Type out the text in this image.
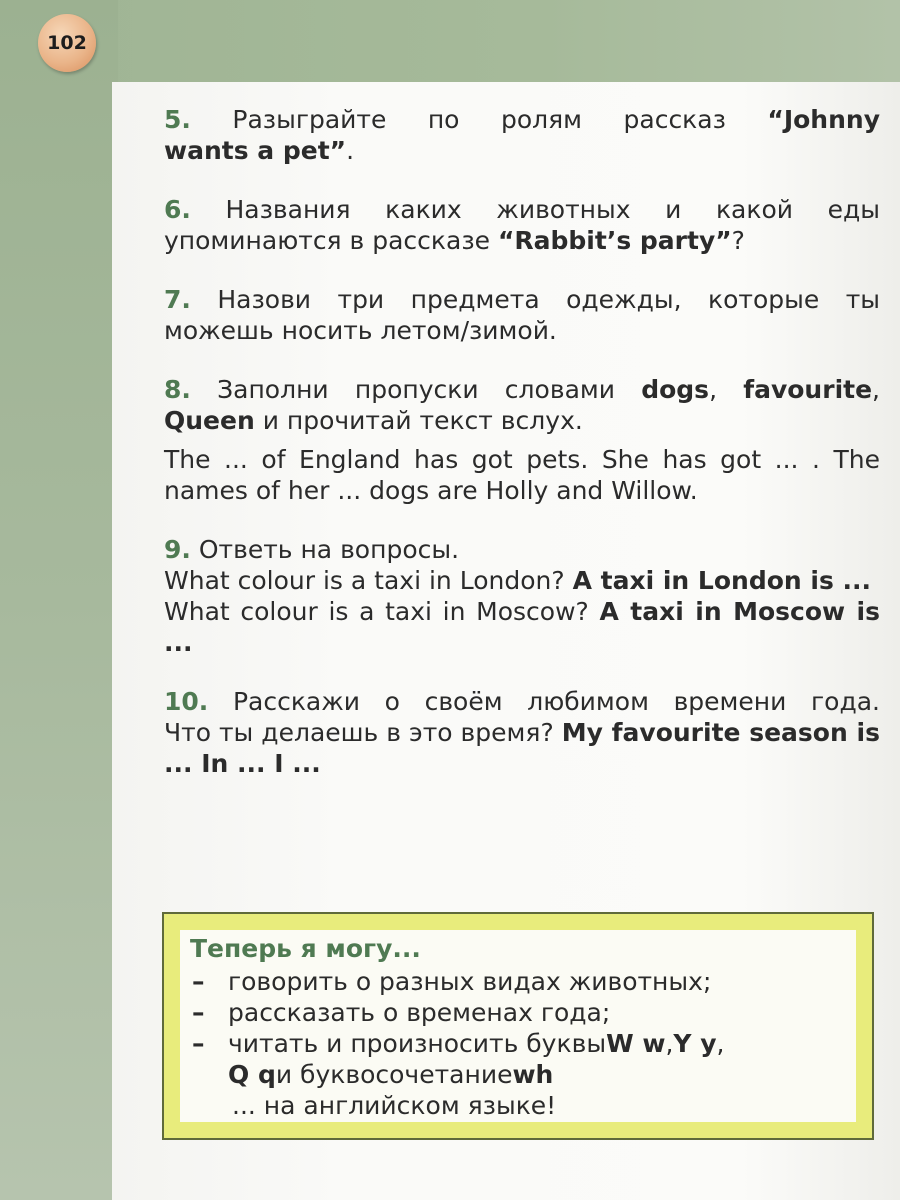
102

5. Разыграйте по ролям рассказ “Johnny

wants a pet”.

6. Названия каких животных и какой еды

упоминаются в рассказе “Rabbit’s party”?

7. Назови три предмета одежды, которые ты

можешь носить летом/зимой.

8. Заполни пропуски словами dogs, favourite,

Queen и прочитай текст вслух.

The ... of England has got pets. She has got ... . The names of her ... dogs are Holly and Willow.

9. Ответь на вопросы.

What colour is a taxi in London? A taxi in London is ...

What colour is a taxi in Moscow? A taxi in Moscow is ...

10. Расскажи о своём любимом времени года.

Что ты делаешь в это время? My favourite season is ... In ... I ...

Теперь я могу...
– говорить о разных видах животных;
– рассказать о временах года;
– читать и произносить буквы W w , Y y ,
Q q и буквосочетание wh
... на английском языке!
